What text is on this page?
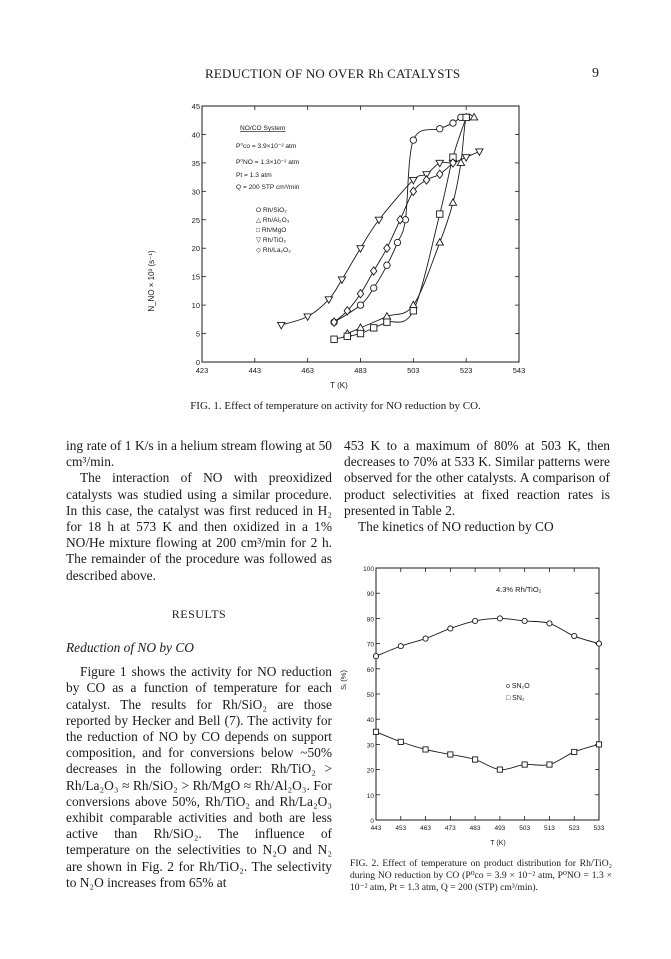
REDUCTION OF NO OVER Rh CATALYSTS	9
423	443	463	483	503	523	543
0
5
10
15
20
25
30
35
40
45
T (K)
N_NO × 10³ (s⁻¹)
NO/CO System
P⁰co = 3.9×10⁻² atm
P⁰NO = 1.3×10⁻² atm
Pt = 1.3 atm
Q = 200 STP cm³/min
O Rh/SiO₂
△ Rh/Al₂O₃
□ Rh/MgO
▽ Rh/TiO₂
◇ Rh/La₂O₃
FIG. 1. Effect of temperature on activity for NO reduction by CO.

ing rate of 1 K/s in a helium stream flowing at 50 cm³/min.

The interaction of NO with preoxidized catalysts was studied using a similar procedure. In this case, the catalyst was first reduced in H₂ for 18 h at 573 K and then oxidized in a 1% NO/He mixture flowing at 200 cm³/min for 2 h. The remainder of the procedure was followed as described above.

RESULTS

Reduction of NO by CO

Figure 1 shows the activity for NO reduction by CO as a function of temperature for each catalyst. The results for Rh/SiO₂ are those reported by Hecker and Bell (7). The activity for the reduction of NO by CO depends on support composition, and for conversions below ~50% decreases in the following order: Rh/TiO₂ > Rh/La₂O₃ ≈ Rh/SiO₂ > Rh/MgO ≈ Rh/Al₂O₃. For conversions above 50%, Rh/TiO₂ and Rh/La₂O₃ exhibit comparable activities and both are less active than Rh/SiO₂. The influence of temperature on the selectivities to N₂O and N₂ are shown in Fig. 2 for Rh/TiO₂. The selectivity to N₂O increases from 65% at

453 K to a maximum of 80% at 503 K, then decreases to 70% at 533 K. Similar patterns were observed for the other catalysts. A comparison of product selectivities at fixed reaction rates is presented in Table 2.

The kinetics of NO reduction by CO

443 453 463 473 483 493 503 513 523 533
0
10
20
30
40
50
60
70
80
90
100
T (K)
Sᵢ (%)
4.3% Rh/TiO₂
o SN₂O
□ SN₂
FIG. 2. Effect of temperature on product distribution for Rh/TiO₂ during NO reduction by CO (P⁰co = 3.9 × 10⁻² atm, P⁰NO = 1.3 × 10⁻² atm, Pt = 1.3 atm, Q = 200 (STP) cm³/min).
